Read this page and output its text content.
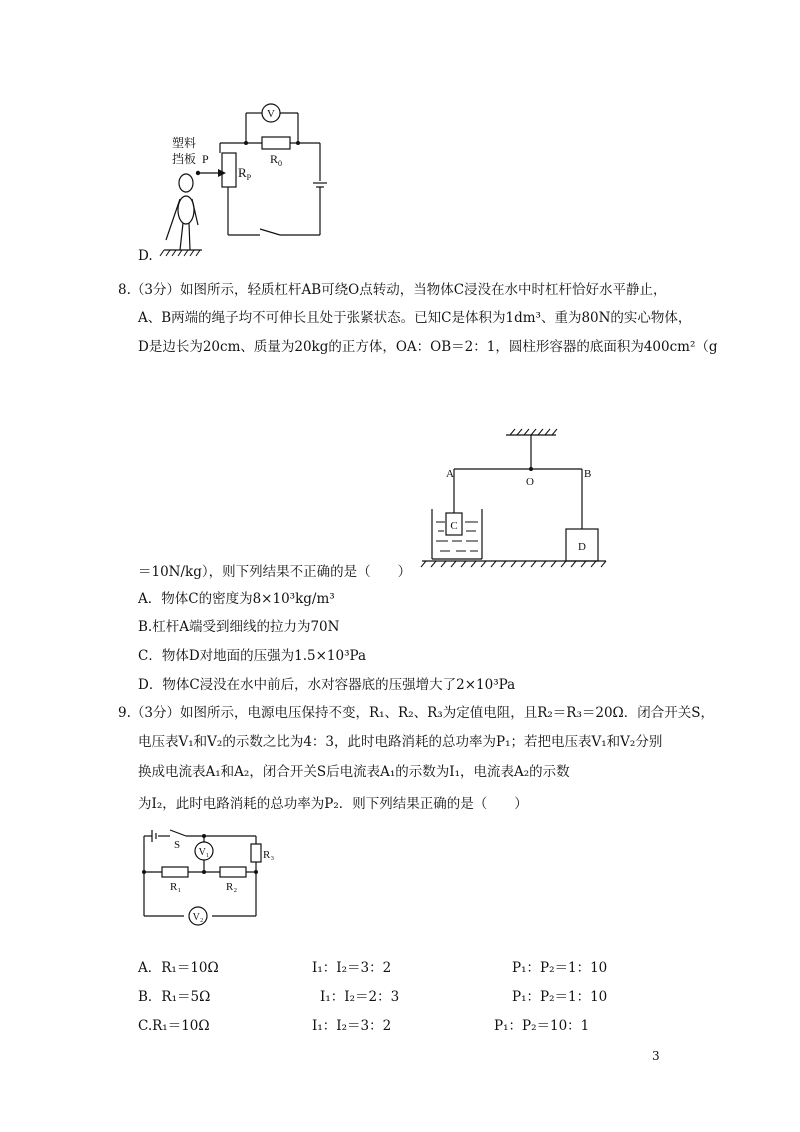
V
$R_0$
$R_P$
P
塑料
挡板
D.
8.（3分）如图所示，轻质杠杆AB可绕O点转动，当物体C浸没在水中时杠杆恰好水平静止，
A、B两端的绳子均不可伸长且处于张紧状态。已知C是体积为1dm³、重为80N的实心物体，
D是边长为20cm、质量为20kg的正方体，OA：OB＝2：1，圆柱形容器的底面积为400cm²（g
A
O
B
C
D
＝10N/kg），则下列结果不正确的是（　　）
A．物体C的密度为8×10³kg/m³
B.杠杆A端受到细线的拉力为70N
C．物体D对地面的压强为1.5×10³Pa
D．物体C浸没在水中前后，水对容器底的压强增大了2×10³Pa
9.（3分）如图所示，电源电压保持不变，R₁、R₂、R₃为定值电阻，且R₂＝R₃＝20Ω．闭合开关S，
电压表V₁和V₂的示数之比为4：3，此时电路消耗的总功率为P₁；若把电压表V₁和V₂分别
换成电流表A₁和A₂，闭合开关S后电流表A₁的示数为I₁，电流表A₂的示数
为I₂，此时电路消耗的总功率为P₂．则下列结果正确的是（　　）
S
V₁
V₂
R₁	R₂
R₃
A．R₁＝10Ω	I₁：I₂＝3：2	P₁：P₂＝1：10
B．R₁＝5Ω	I₁：I₂＝2：3	P₁：P₂＝1：10
C.R₁＝10Ω	I₁：I₂＝3：2	P₁：P₂＝10：1
3
